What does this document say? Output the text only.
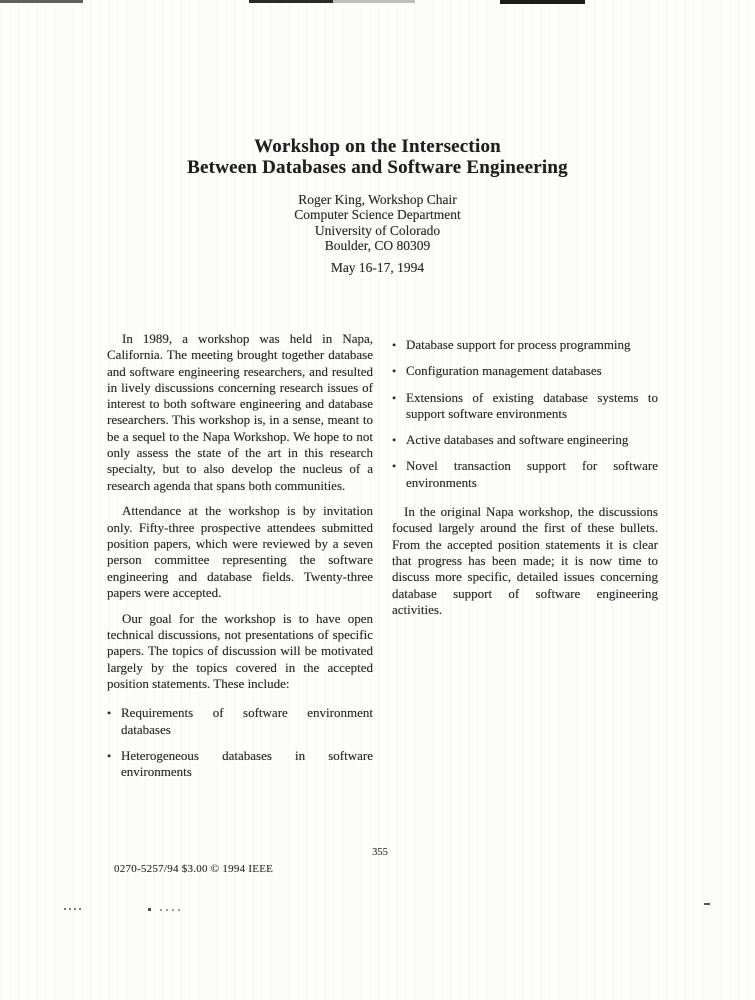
Workshop on the Intersection
Between Databases and Software Engineering
Roger King, Workshop Chair
Computer Science Department
University of Colorado
Boulder, CO 80309
May 16-17, 1994

In 1989, a workshop was held in Napa, California. The meeting brought together database and software engineering researchers, and resulted in lively discussions concerning research issues of interest to both software engineering and database researchers. This workshop is, in a sense, meant to be a sequel to the Napa Workshop. We hope to not only assess the state of the art in this research specialty, but to also develop the nucleus of a research agenda that spans both communities.

Attendance at the workshop is by invitation only. Fifty-three prospective attendees submitted position papers, which were reviewed by a seven person committee representing the software engineering and database fields. Twenty-three papers were accepted.

Our goal for the workshop is to have open technical discussions, not presentations of specific papers. The topics of discussion will be motivated largely by the topics covered in the accepted position statements. These include:

• Requirements of software environment databases
• Heterogeneous databases in software environments
• Database support for process programming
• Configuration management databases
• Extensions of existing database systems to support software environments
• Active databases and software engineering
• Novel transaction support for software environments

In the original Napa workshop, the discussions focused largely around the first of these bullets. From the accepted position statements it is clear that progress has been made; it is now time to discuss more specific, detailed issues concerning database support of software engineering activities.

355
0270-5257/94 $3.00 © 1994 IEEE
